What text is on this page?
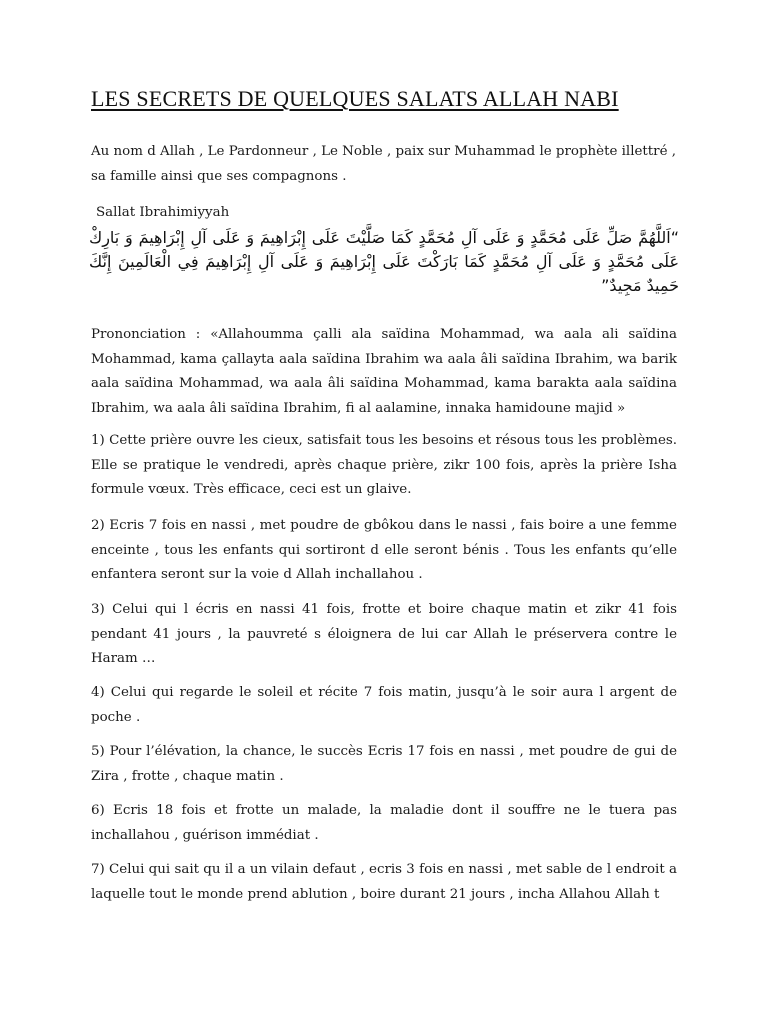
LES SECRETS DE QUELQUES SALATS ALLAH NABI

Au nom d Allah , Le Pardonneur , Le Noble , paix sur Muhammad le prophète illettré , sa famille ainsi que ses compagnons .

Sallat Ibrahimiyyah

“اَللَّهُمَّ صَلِّ عَلَى مُحَمَّدٍ وَ عَلَى آلِ مُحَمَّدٍ كَمَا صَلَّيْتَ عَلَى إِبْرَاهِيمَ وَ عَلَى آلِ إِبْرَاهِيمَ وَ بَارِكْ عَلَى مُحَمَّدٍ وَ عَلَى آلِ مُحَمَّدٍ كَمَا بَارَكْتَ عَلَى إِبْرَاهِيمَ وَ عَلَى آلِ إِبْرَاهِيمَ فِي الْعَالَمِينَ إِنَّكَ حَمِيدٌ مَجِيدٌ”

Prononciation : «Allahoumma çalli ala saïdina Mohammad, wa aala ali saïdina Mohammad, kama çallayta aala saïdina Ibrahim wa aala âli saïdina Ibrahim, wa barik aala saïdina Mohammad, wa aala âli saïdina Mohammad, kama barakta aala saïdina Ibrahim, wa aala âli saïdina Ibrahim, fi al aalamine, innaka hamidoune majid »

1) Cette prière ouvre les cieux, satisfait tous les besoins et résous tous les problèmes. Elle se pratique le vendredi, après chaque prière, zikr 100 fois, après la prière Isha formule vœux. Très efficace, ceci est un glaive.

2) Ecris 7 fois en nassi , met poudre de gbôkou dans le nassi , fais boire a une femme enceinte , tous les enfants qui sortiront d elle seront bénis . Tous les enfants qu’elle enfantera seront sur la voie d Allah inchallahou .

3) Celui qui l écris en nassi 41 fois, frotte et boire chaque matin et zikr 41 fois pendant 41 jours , la pauvreté s éloignera de lui car Allah le préservera contre le Haram …

4) Celui qui regarde le soleil et récite 7 fois matin, jusqu’à le soir aura l argent de poche .

5) Pour l’élévation, la chance, le succès Ecris 17 fois en nassi , met poudre de gui de Zira , frotte , chaque matin .

6) Ecris 18 fois et frotte un malade, la maladie dont il souffre ne le tuera pas inchallahou , guérison immédiat .

7) Celui qui sait qu il a un vilain defaut , ecris 3 fois en nassi , met sable de l endroit a laquelle tout le monde prend ablution , boire durant 21 jours , incha Allahou Allah t
